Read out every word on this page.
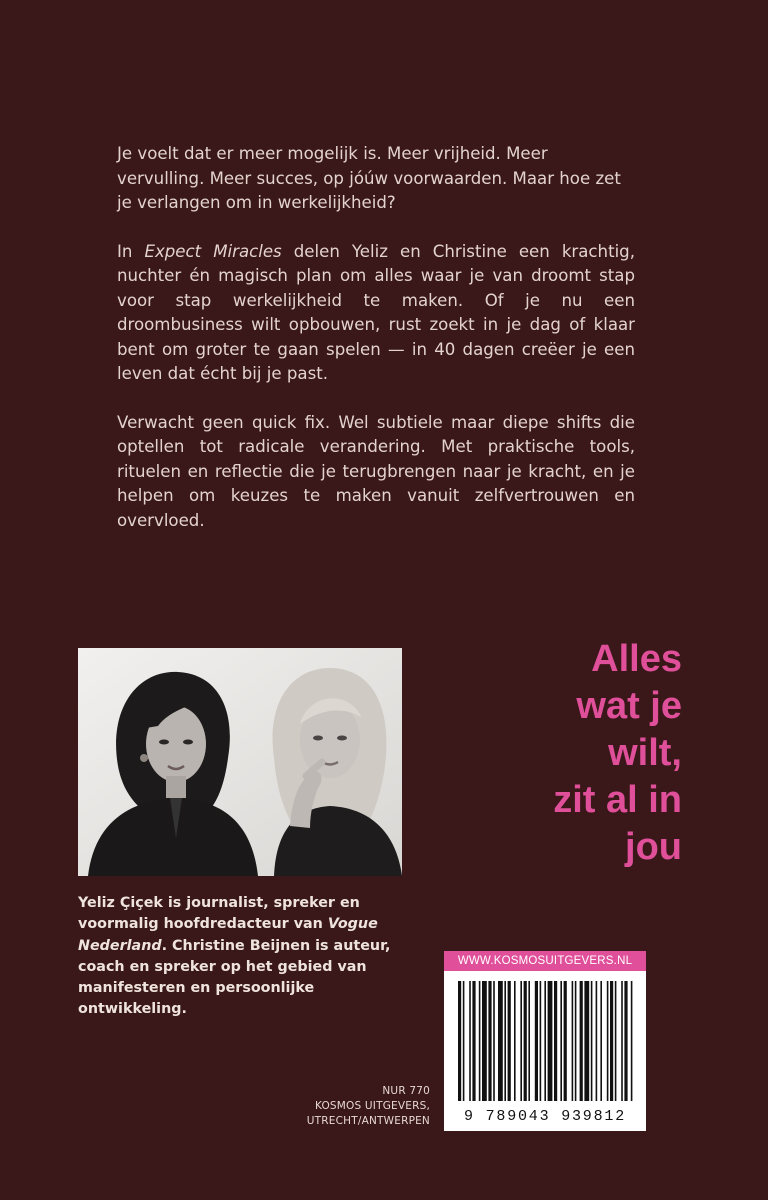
Je voelt dat er meer mogelijk is. Meer vrijheid. Meer vervulling. Meer succes, op jóúw voorwaarden. Maar hoe zet je verlangen om in werkelijkheid?

In Expect Miracles delen Yeliz en Christine een krachtig, nuchter én magisch plan om alles waar je van droomt stap voor stap werkelijkheid te maken. Of je nu een droombusiness wilt opbouwen, rust zoekt in je dag of klaar bent om groter te gaan spelen — in 40 dagen creëer je een leven dat écht bij je past.

Verwacht geen quick fix. Wel subtiele maar diepe shifts die optellen tot radicale verandering. Met praktische tools, rituelen en reflectie die je terugbrengen naar je kracht, en je helpen om keuzes te maken vanuit zelfvertrouwen en overvloed.

Alles
wat je
wilt,
zit al in
jou
Yeliz Çiçek is journalist, spreker en voormalig hoofdredacteur van Vogue Nederland. Christine Beijnen is auteur, coach en spreker op het gebied van manifesteren en persoonlijke ontwikkeling.
WWW.KOSMOSUITGEVERS.NL
9 789043 939812
NUR 770
KOSMOS UITGEVERS,
UTRECHT/ANTWERPEN
